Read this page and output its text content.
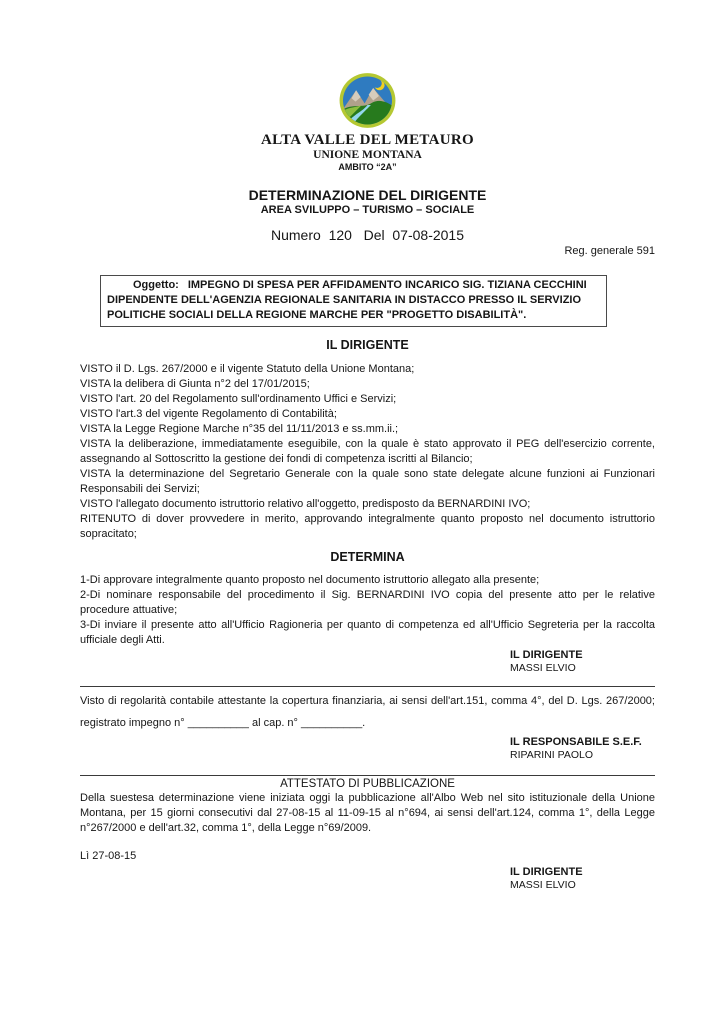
ALTA VALLE DEL METAURO
UNIONE MONTANA
AMBITO “2A”
DETERMINAZIONE DEL DIRIGENTE
AREA SVILUPPO – TURISMO – SOCIALE
Numero  120   Del  07-08-2015
Reg. generale 591

Oggetto: IMPEGNO DI SPESA PER AFFIDAMENTO INCARICO SIG. TIZIANA CECCHINI DIPENDENTE DELL'AGENZIA REGIONALE SANITARIA IN DISTACCO PRESSO IL SERVIZIO POLITICHE SOCIALI DELLA REGIONE MARCHE PER "PROGETTO DISABILITÀ".

IL DIRIGENTE

VISTO il D. Lgs. 267/2000 e il vigente Statuto della Unione Montana;

VISTA la delibera di Giunta n°2 del 17/01/2015;

VISTO l'art. 20 del Regolamento sull'ordinamento Uffici e Servizi;

VISTO l'art.3 del vigente Regolamento di Contabilità;

VISTA la Legge Regione Marche n°35 del 11/11/2013 e ss.mm.ii.;

VISTA la deliberazione, immediatamente eseguibile, con la quale è stato approvato il PEG dell'esercizio corrente, assegnando al Sottoscritto la gestione dei fondi di competenza iscritti al Bilancio;

VISTA la determinazione del Segretario Generale con la quale sono state delegate alcune funzioni ai Funzionari Responsabili dei Servizi;

VISTO l'allegato documento istruttorio relativo all'oggetto, predisposto da BERNARDINI IVO;

RITENUTO di dover provvedere in merito, approvando integralmente quanto proposto nel documento istruttorio sopracitato;

DETERMINA

1-Di approvare integralmente quanto proposto nel documento istruttorio allegato alla presente;

2-Di nominare responsabile del procedimento il Sig. BERNARDINI IVO copia del presente atto per le relative procedure attuative;

3-Di inviare il presente atto all'Ufficio Ragioneria per quanto di competenza ed all'Ufficio Segreteria per la raccolta ufficiale degli Atti.

IL DIRIGENTE
MASSI ELVIO

Visto di regolarità contabile attestante la copertura finanziaria, ai sensi dell'art.151, comma 4°, del D. Lgs. 267/2000; registrato impegno n° __________ al cap. n° __________.

IL RESPONSABILE S.E.F.
RIPARINI PAOLO
ATTESTATO DI PUBBLICAZIONE

Della suestesa determinazione viene iniziata oggi la pubblicazione all'Albo Web nel sito istituzionale della Unione Montana, per 15 giorni consecutivi dal 27-08-15 al 11-09-15 al n°694, ai sensi dell'art.124, comma 1°, della Legge n°267/2000 e dell'art.32, comma 1°, della Legge n°69/2009.

Lì 27-08-15
IL DIRIGENTE
MASSI ELVIO
